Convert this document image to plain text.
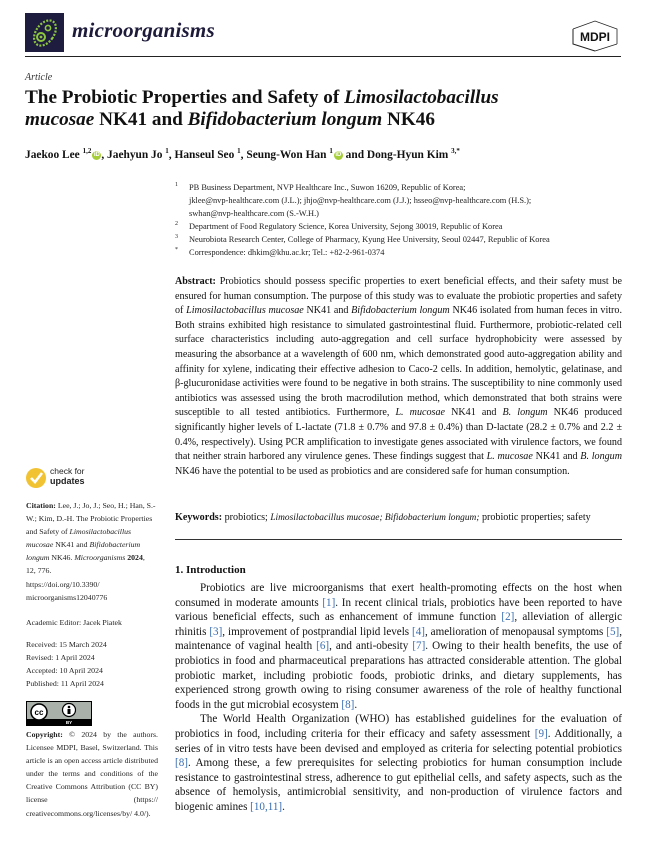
microorganisms	MDPI
Article
The Probiotic Properties and Safety of Limosilactobacillus
mucosae NK41 and Bifidobacterium longum NK46
Jaekoo Lee $^{1,2}$ iD , Jaehyun Jo $^1$, Hanseul Seo $^1$, Seung-Won Han $^1$ iD and Dong-Hyun Kim $^{3,*}$
1 PB Business Department, NVP Healthcare Inc., Suwon 16209, Republic of Korea;
jklee@nvp-healthcare.com (J.L.); jhjo@nvp-healthcare.com (J.J.); hsseo@nvp-healthcare.com (H.S.);
swhan@nvp-healthcare.com (S.-W.H.)
2 Department of Food Regulatory Science, Korea University, Sejong 30019, Republic of Korea
3 Neurobiota Research Center, College of Pharmacy, Kyung Hee University, Seoul 02447, Republic of Korea
* Correspondence: dhkim@khu.ac.kr; Tel.: +82-2-961-0374
Abstract: Probiotics should possess specific properties to exert beneficial effects, and their safety must be ensured for human consumption. The purpose of this study was to evaluate the probiotic properties and safety of Limosilactobacillus mucosae NK41 and Bifidobacterium longum NK46 isolated from human feces in vitro. Both strains exhibited high resistance to simulated gastrointestinal fluid. Furthermore, probiotic-related cell surface characteristics including auto-aggregation and cell surface hydrophobicity were assessed by measuring the absorbance at a wavelength of 600 nm, which demonstrated good auto-aggregation ability and affinity for xylene, indicating their effective adhesion to Caco-2 cells. In addition, hemolytic, gelatinase, and β-glucuronidase activities were found to be negative in both strains. The susceptibility to nine commonly used antibiotics was assessed using the broth macrodilution method, which demonstrated that both strains were susceptible to all tested antibiotics. Furthermore, L. mucosae NK41 and B. longum NK46 produced significantly higher levels of L-lactate (71.8 ± 0.7% and 97.8 ± 0.4%) than D-lactate (28.2 ± 0.7% and 2.2 ± 0.4%, respectively). Using PCR amplification to investigate genes associated with virulence factors, we found that neither strain harbored any virulence genes. These findings suggest that L. mucosae NK41 and B. longum NK46 have the potential to be used as probiotics and are considered safe for human consumption.
Keywords: probiotics; Limosilactobacillus mucosae; Bifidobacterium longum; probiotic properties; safety
1. Introduction

Probiotics are live microorganisms that exert health-promoting effects on the host when consumed in moderate amounts [1]. In recent clinical trials, probiotics have been reported to have various beneficial effects, such as enhancement of immune function [2], alleviation of allergic rhinitis [3], improvement of postprandial lipid levels [4], amelioration of menopausal symptoms [5], maintenance of vaginal health [6], and anti-obesity [7]. Owing to their health benefits, the use of probiotics in food and pharmaceutical preparations has attracted considerable attention. The global probiotic market, including probiotic foods, probiotic drinks, and dietary supplements, has experienced strong growth owing to rising consumer awareness of the role of healthy functional foods in the gut microbial ecosystem [8].

The World Health Organization (WHO) has established guidelines for the evaluation of probiotics in food, including criteria for their efficacy and safety assessment [9]. Additionally, a series of in vitro tests have been devised and employed as criteria for selecting potential probiotics [8]. Among these, a few prerequisites for selecting probiotics for human consumption include resistance to gastrointestinal stress, adherence to gut epithelial cells, and safety aspects, such as the absence of hemolysis, antimicrobial sensitivity, and non-production of virulence factors and biogenic amines [10,11].

check for
updates
Citation: Lee, J.; Jo, J.; Seo, H.; Han, S.-W.; Kim, D.-H. The Probiotic Properties and Safety of Limosilactobacillus mucosae NK41 and Bifidobacterium longum NK46. Microorganisms 2024, 12, 776.
https://doi.org/10.3390/ microorganisms12040776
Academic Editor: Jacek Piatek
Received: 15 March 2024
Revised: 1 April 2024
Accepted: 10 April 2024
Published: 11 April 2024
cc
BY
Copyright: © 2024 by the authors. Licensee MDPI, Basel, Switzerland. This article is an open access article distributed under the terms and conditions of the Creative Commons Attribution (CC BY) license (https:// creativecommons.org/licenses/by/ 4.0/).
